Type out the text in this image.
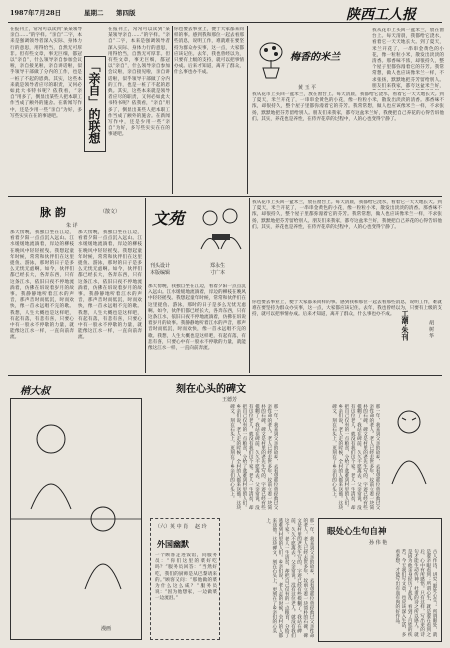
1987年7月28日	星期二	第四版	陕西工人报
在报刊上，常常可以读到“某某领导亲自……”的字样。“亲自”二字，本来是强调领导者深入实际、身体力行的意思，用得恰当，自然无可厚非。但有些文章，事无巨细，都冠以“亲自”，什么领导亲自参加会议啦，亲自接见啦，亲自讲话啦，似乎领导干部做了分内的工作，也是一桩了不起的恩典。其实，这些本来就是领导者应尽的职责，又何必如此大书特书呢？依我看，“亲自”用多了，倒显出某些人把本职工作当成了额外的施舍。在新闻写作中，还是少用一些“亲自”为好，多写些实实在在的事迹吧。	「亲自」的联想
在报刊上，常常可以读到“某某领导亲自……”的字样。“亲自”二字，本来是强调领导者深入实际、身体力行的意思，用得恰当，自然无可厚非。但有些文章，事无巨细，都冠以“亲自”，什么领导亲自参加会议啦，亲自接见啦，亲自讲话啦，似乎领导干部做了分内的工作，也是一桩了不起的恩典。其实，这些本来就是领导者应尽的职责，又何必如此大书特书呢？依我看，“亲自”用多了，倒显出某些人把本职工作当成了额外的施舍。在新闻写作中，还是少用一些“亲自”为好，多写些实实在在的事迹吧。
你也要去事业上，便于大家都来同样的事。感到我和那位一起去看那些消息，说明工作，难就难在要坚持为群众办实事，这一点，大家都应该记住。去年，我也曾经以为，只要有上级的支持，就可以把事情办成。后来才知道，离开了群众，什么事也办不成。
梅香的米兰
黄 玉 平
我从花市上买回一盆米兰，放在窗台上。每天清晨，我都给它浇水，看着它一天天地长大。到了夏天，米兰开花了，一串串金黄色的小花，像一粒粒小米，散发出淡淡的清香。那香味不浓，却很持久，整个屋子里都弥漫着它的芬芳。我常常想，做人也应该像米兰一样，不求张扬，默默地把芬芳留给别人。朋友们来我家，都夸这盆米兰好，我便把自己养花的心得告诉他们。其实，养花也是养性，在侍弄花草的过程中，人的心也变得宁静了。
我从花市上买回一盆米兰，放在窗台上。每天清晨，我都给它浇水，看着它一天天地长大。到了夏天，米兰开花了，一串串金黄色的小花，像一粒粒小米，散发出淡淡的清香。那香味不浓，却很持久，整个屋子里都弥漫着它的芬芳。我常常想，做人也应该像米兰一样，不求张扬，默默地把芬芳留给别人。朋友们来我家，都夸这盆米兰好，
脉 韵	（散文）
朱 详
那天傍晚，我独自坐在江边，看着夕阳一点点沉入远山。江水缓缓地流淌着，岸边的柳枝在晚风中轻轻摇曳。我想起童年时候，常常和伙伴们在这里捉鱼、游泳，那时的日子是多么无忧无虑啊。如今，伙伴们都已经长大，各奔东西，只有这条江水，依旧日夜不停地流淌着，仿佛在诉说着岁月的故事。我静静地听着江水的声音，那声音时而低沉，时而欢快，像一首永远唱不完的歌。我想，人生大概也是这样吧，有起有落，有悲有喜，只要心中有一股永不停歇的力量，就能像这江水一样，一直向前奔流。
那天傍晚，我独自坐在江边，看着夕阳一点点沉入远山。江水缓缓地流淌着，岸边的柳枝在晚风中轻轻摇曳。我想起童年时候，常常和伙伴们在这里捉鱼、游泳，那时的日子是多么无忧无虑啊。如今，伙伴们都已经长大，各奔东西，只有这条江水，依旧日夜不停地流淌着，仿佛在诉说着岁月的故事。我静静地听着江水的声音，那声音时而低沉，时而欢快，像一首永远唱不完的歌。我想，人生大概也是这样吧，有起有落，有悲有喜，只要心中有一股永不停歇的力量，就能像这江水一样，一直向前奔流。
文苑
刊头设计
本版编辑
郑永生
寸广本
那天傍晚，我独自坐在江边，看着夕阳一点点沉入远山。江水缓缓地流淌着，岸边的柳枝在晚风中轻轻摇曳。我想起童年时候，常常和伙伴们在这里捉鱼、游泳，那时的日子是多么无忧无虑啊。如今，伙伴们都已经长大，各奔东西，只有这条江水，依旧日夜不停地流淌着，仿佛在诉说着岁月的故事。我静静地听着江水的声音，那声音时而低沉，时而欢快，像一首永远唱不完的歌。我想，人生大概也是这样吧，有起有落，有悲有喜，只要心中有一股永不停歇的力量，就能像这江水一样，一直向前奔流。
我从花市上买回一盆米兰，放在窗台上。每天清晨，我都给它浇水，看着它一天天地长大。到了夏天，米兰开花了，一串串金黄色的小花，像一粒粒小米，散发出淡淡的清香。那香味不浓，却很持久，整个屋子里都弥漫着它的芬芳。我常常想，做人也应该像米兰一样，不求张扬，默默地把芬芳留给别人。朋友们来我家，都夸这盆米兰好，我便把自己养花的心得告诉他们。其实，养花也是养性，在侍弄花草的过程中，人的心也变得宁静了。
你也要去事业上，便于大家都来同样的事。感到我和那位一起去看那些消息，说明工作，难就难在要坚持为群众办实事，这一点，大家都应该记住。去年，我也曾经以为，只要有上级的支持，就可以把事情办成。后来才知道，离开了群众，什么事也办不成。
刻在心头的碑文
王德芳
那一年，我来到父亲的故乡，去看望那位曾经救过父亲性命的老人。老人已经去世多年，坟前立着一块简朴的石碑，碑文是村里的老先生写的，字迹已经有些模糊了。我站在碑前，久久不愿离去。父亲常说，没有这位老人，就没有我们这个家。老人一生清贫，却把自己仅有的一点粮食，分给了逃难到村里的人们。乡亲们说，老人走的时候，全村的人都来送他。这块碑文，刻在石头上，更刻在了乡亲们的心头上。	那一年，我来到父亲的故乡，去看望那位曾经救过父亲性命的老人。老人已经去世多年，坟前立着一块简朴的石碑，碑文是村里的老先生写的，字迹已经有些模糊了。我站在碑前，久久不愿离去。父亲常说，没有这位老人，就没有我们这个家。老人一生清贫，却把自己仅有的一点粮食，分给了逃难到村里的人们。乡亲们说，老人走的时候，全村的人都来送他。这块碑文，刻在石头上，更刻在了乡亲们的心头上。
工潮·朱刊	胡 树 华
梢大叔
漫画
（六）英 中 肖	赵 玲
外国幽默
一个顾客走进饭馆，问服务员：“你们这里的菜好吃吗？”服务员回答：“当然好吃，我们的厨师是从巴黎请来的。”顾客又问：“那他做的菜为什么这么咸？”服务员说：“因为他想家，一边做菜一边流泪。”	那一年，我来到父亲的故乡，去看望那位曾经救过父亲性命的老人。老人已经去世多年，坟前立着一块简朴的石碑，碑文是村里的老先生写的，字迹已经有些模糊了。我站在碑前，久久不愿离去。父亲常说，没有这位老人，就没有我们这个家。老人一生清贫，却把自己仅有的一点粮食，分给了逃难到村里的人们。乡亲们说，老人走的时候，全村的人都来送他。这块碑文，刻在石头上，更刻在了乡亲们的心头上。
眼处心生句自神
孙 伟 艳
古人作诗，讲究“眼处心生”。所谓眼处，就是要亲眼看到；所谓心生，就是要在看到之后，心中有所感悟。只有这样，写出来的诗句才能生动传神。杜甫的诗之所以感人，就是因为他亲身经历了战乱，看到了百姓的疾苦。今天我们写文章，也应该深入生活，多看多想，才能写出有血有肉的好作品。
